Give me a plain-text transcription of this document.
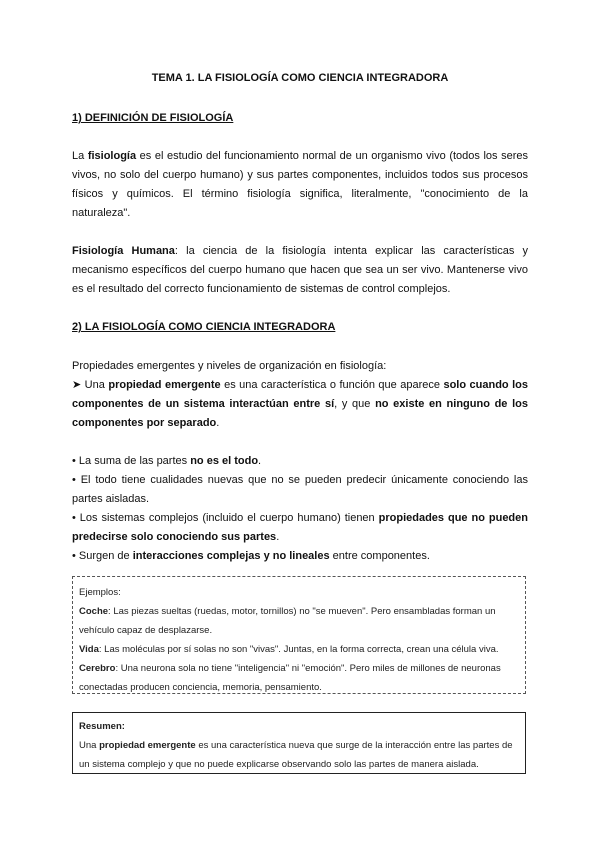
TEMA 1. LA FISIOLOGÍA COMO CIENCIA INTEGRADORA
1) DEFINICIÓN DE FISIOLOGÍA
La fisiología es el estudio del funcionamiento normal de un organismo vivo (todos los seres vivos, no solo del cuerpo humano) y sus partes componentes, incluidos todos sus procesos físicos y químicos. El término fisiología significa, literalmente, "conocimiento de la naturaleza".
Fisiología Humana: la ciencia de la fisiología intenta explicar las características y mecanismo específicos del cuerpo humano que hacen que sea un ser vivo. Mantenerse vivo es el resultado del correcto funcionamiento de sistemas de control complejos.
2) LA FISIOLOGÍA COMO CIENCIA INTEGRADORA
Propiedades emergentes y niveles de organización en fisiología:
➤ Una propiedad emergente es una característica o función que aparece solo cuando los componentes de un sistema interactúan entre sí, y que no existe en ninguno de los componentes por separado.
• La suma de las partes no es el todo.
• El todo tiene cualidades nuevas que no se pueden predecir únicamente conociendo las partes aisladas.
• Los sistemas complejos (incluido el cuerpo humano) tienen propiedades que no pueden predecirse solo conociendo sus partes.
• Surgen de interacciones complejas y no lineales entre componentes.
Ejemplos:
Coche: Las piezas sueltas (ruedas, motor, tornillos) no "se mueven". Pero ensambladas forman un vehículo capaz de desplazarse.
Vida: Las moléculas por sí solas no son "vivas". Juntas, en la forma correcta, crean una célula viva.
Cerebro: Una neurona sola no tiene "inteligencia" ni "emoción". Pero miles de millones de neuronas conectadas producen conciencia, memoria, pensamiento.
Resumen:
Una propiedad emergente es una característica nueva que surge de la interacción entre las partes de un sistema complejo y que no puede explicarse observando solo las partes de manera aislada.
